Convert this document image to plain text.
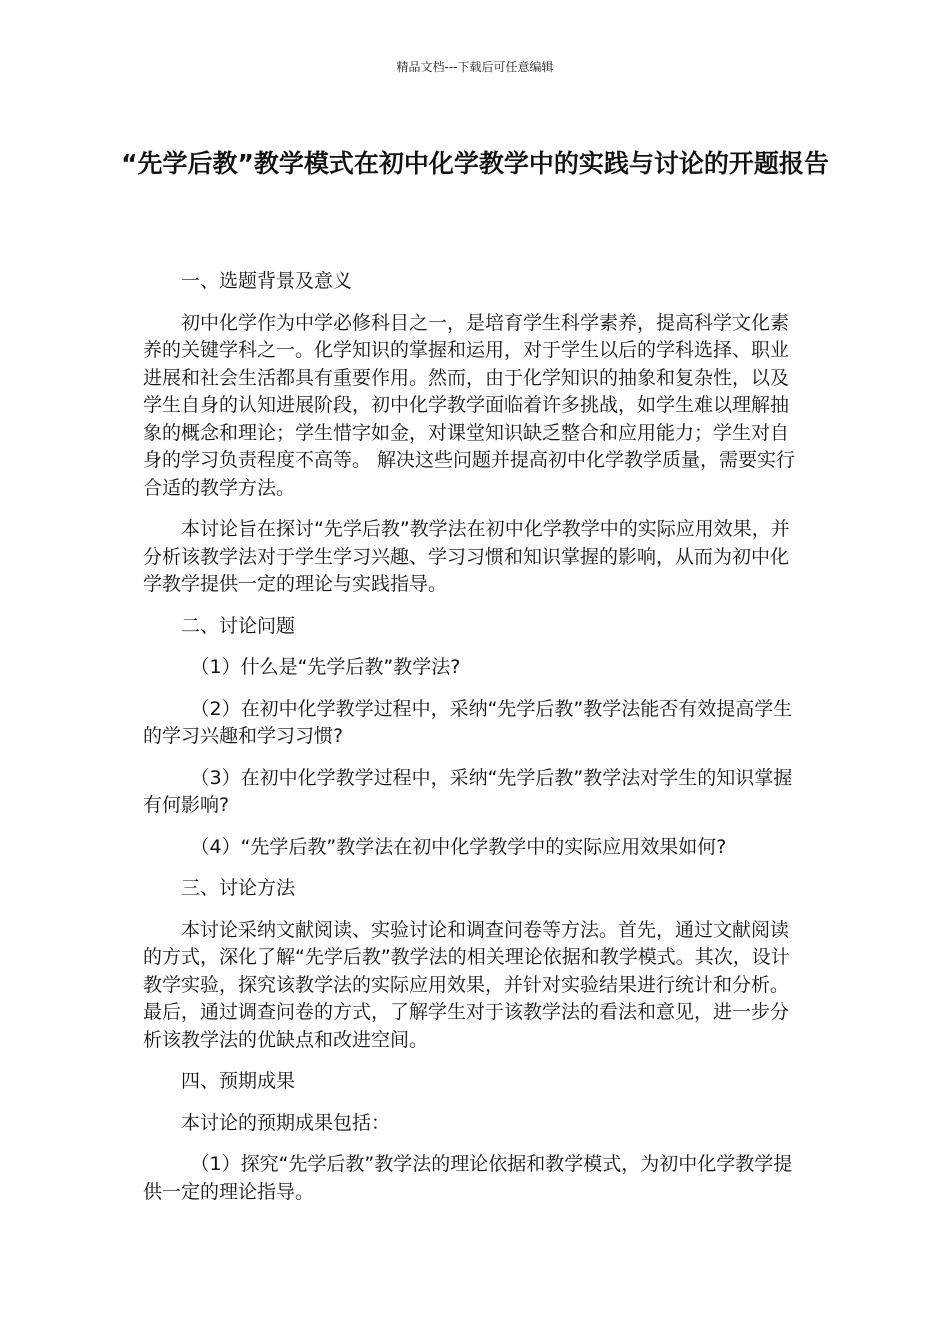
精品文档---下载后可任意编辑
“先学后教”教学模式在初中化学教学中的实践与讨论的开题报告

一、选题背景及意义

初中化学作为中学必修科目之一，是培育学生科学素养，提高科学文化素养的关键学科之一。化学知识的掌握和运用，对于学生以后的学科选择、职业进展和社会生活都具有重要作用。然而，由于化学知识的抽象和复杂性，以及学生自身的认知进展阶段，初中化学教学面临着许多挑战，如学生难以理解抽象的概念和理论；学生惜字如金，对课堂知识缺乏整合和应用能力；学生对自身的学习负责程度不高等。 解决这些问题并提高初中化学教学质量，需要实行合适的教学方法。

本讨论旨在探讨“先学后教”教学法在初中化学教学中的实际应用效果，并分析该教学法对于学生学习兴趣、学习习惯和知识掌握的影响，从而为初中化学教学提供一定的理论与实践指导。

二、讨论问题

（1）什么是“先学后教”教学法?

（2）在初中化学教学过程中，采纳“先学后教”教学法能否有效提高学生的学习兴趣和学习习惯?

（3）在初中化学教学过程中，采纳“先学后教”教学法对学生的知识掌握有何影响?

（4）“先学后教”教学法在初中化学教学中的实际应用效果如何?

三、讨论方法

本讨论采纳文献阅读、实验讨论和调查问卷等方法。首先，通过文献阅读的方式，深化了解“先学后教”教学法的相关理论依据和教学模式。其次，设计教学实验，探究该教学法的实际应用效果，并针对实验结果进行统计和分析。最后，通过调查问卷的方式，了解学生对于该教学法的看法和意见，进一步分析该教学法的优缺点和改进空间。

四、预期成果

本讨论的预期成果包括：

（1）探究“先学后教”教学法的理论依据和教学模式，为初中化学教学提供一定的理论指导。
